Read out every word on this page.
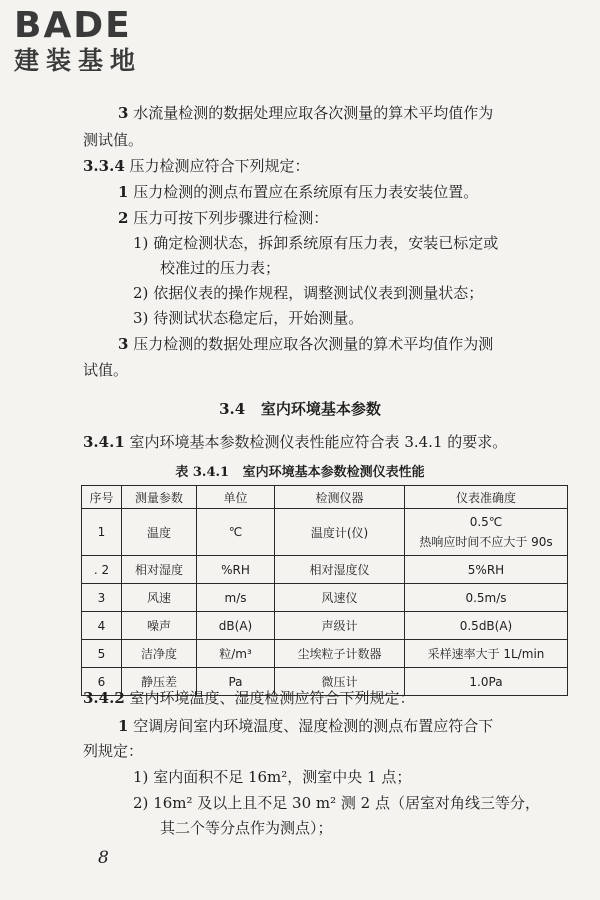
BADE
建装基地
3 水流量检测的数据处理应取各次测量的算术平均值作为
测试值。
3.3.4 压力检测应符合下列规定：
1 压力检测的测点布置应在系统原有压力表安装位置。
2 压力可按下列步骤进行检测：
1) 确定检测状态，拆卸系统原有压力表，安装已标定或
校准过的压力表；
2) 依据仪表的操作规程，调整测试仪表到测量状态；
3) 待测试状态稳定后，开始测量。
3 压力检测的数据处理应取各次测量的算术平均值作为测
试值。
3.4 室内环境基本参数
3.4.1 室内环境基本参数检测仪表性能应符合表 3.4.1 的要求。
表 3.4.1 室内环境基本参数检测仪表性能
序号	测量参数	单位	检测仪器	仪表准确度
1	温度	℃	温度计(仪)	0.5℃
热响应时间不应大于 90s

. 2	相对湿度	%RH	相对湿度仪	5%RH
3	风速	m/s	风速仪	0.5m/s
4	噪声	dB(A)	声级计	0.5dB(A)
5	洁净度	粒/m³	尘埃粒子计数器	采样速率大于 1L/min
6	静压差	Pa	微压计	1.0Pa
3.4.2 室内环境温度、湿度检测应符合下列规定：
1 空调房间室内环境温度、湿度检测的测点布置应符合下
列规定：
1) 室内面积不足 16m²，测室中央 1 点；
2) 16m² 及以上且不足 30 m² 测 2 点（居室对角线三等分，
其二个等分点作为测点）；
8
